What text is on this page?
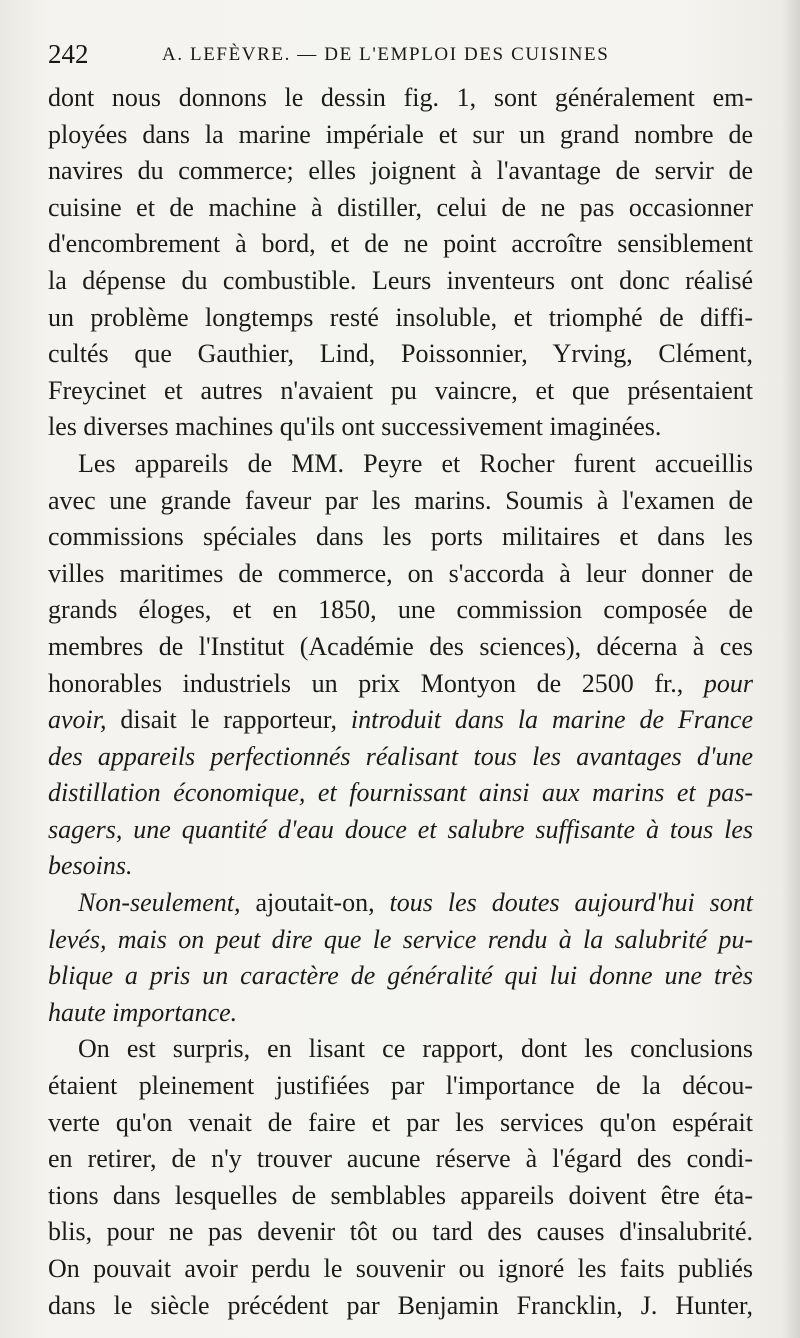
242	A. LEFÈVRE. — DE L'EMPLOI DES CUISINES
dont nous donnons le dessin fig. 1, sont généralement em-
ployées dans la marine impériale et sur un grand nombre de
navires du commerce; elles joignent à l'avantage de servir de
cuisine et de machine à distiller, celui de ne pas occasionner
d'encombrement à bord, et de ne point accroître sensiblement
la dépense du combustible. Leurs inventeurs ont donc réalisé
un problème longtemps resté insoluble, et triomphé de diffi-
cultés que Gauthier, Lind, Poissonnier, Yrving, Clément,
Freycinet et autres n'avaient pu vaincre, et que présentaient
les diverses machines qu'ils ont successivement imaginées.
Les appareils de MM. Peyre et Rocher furent accueillis
avec une grande faveur par les marins. Soumis à l'examen de
commissions spéciales dans les ports militaires et dans les
villes maritimes de commerce, on s'accorda à leur donner de
grands éloges, et en 1850, une commission composée de
membres de l'Institut (Académie des sciences), décerna à ces
honorables industriels un prix Montyon de 2500 fr., pour
avoir, disait le rapporteur, introduit dans la marine de France
des appareils perfectionnés réalisant tous les avantages d'une
distillation économique, et fournissant ainsi aux marins et pas-
sagers, une quantité d'eau douce et salubre suffisante à tous les
besoins.
Non-seulement, ajoutait-on, tous les doutes aujourd'hui sont
levés, mais on peut dire que le service rendu à la salubrité pu-
blique a pris un caractère de généralité qui lui donne une très
haute importance.
On est surpris, en lisant ce rapport, dont les conclusions
étaient pleinement justifiées par l'importance de la décou-
verte qu'on venait de faire et par les services qu'on espérait
en retirer, de n'y trouver aucune réserve à l'égard des condi-
tions dans lesquelles de semblables appareils doivent être éta-
blis, pour ne pas devenir tôt ou tard des causes d'insalubrité.
On pouvait avoir perdu le souvenir ou ignoré les faits publiés
dans le siècle précédent par Benjamin Francklin, J. Hunter,
